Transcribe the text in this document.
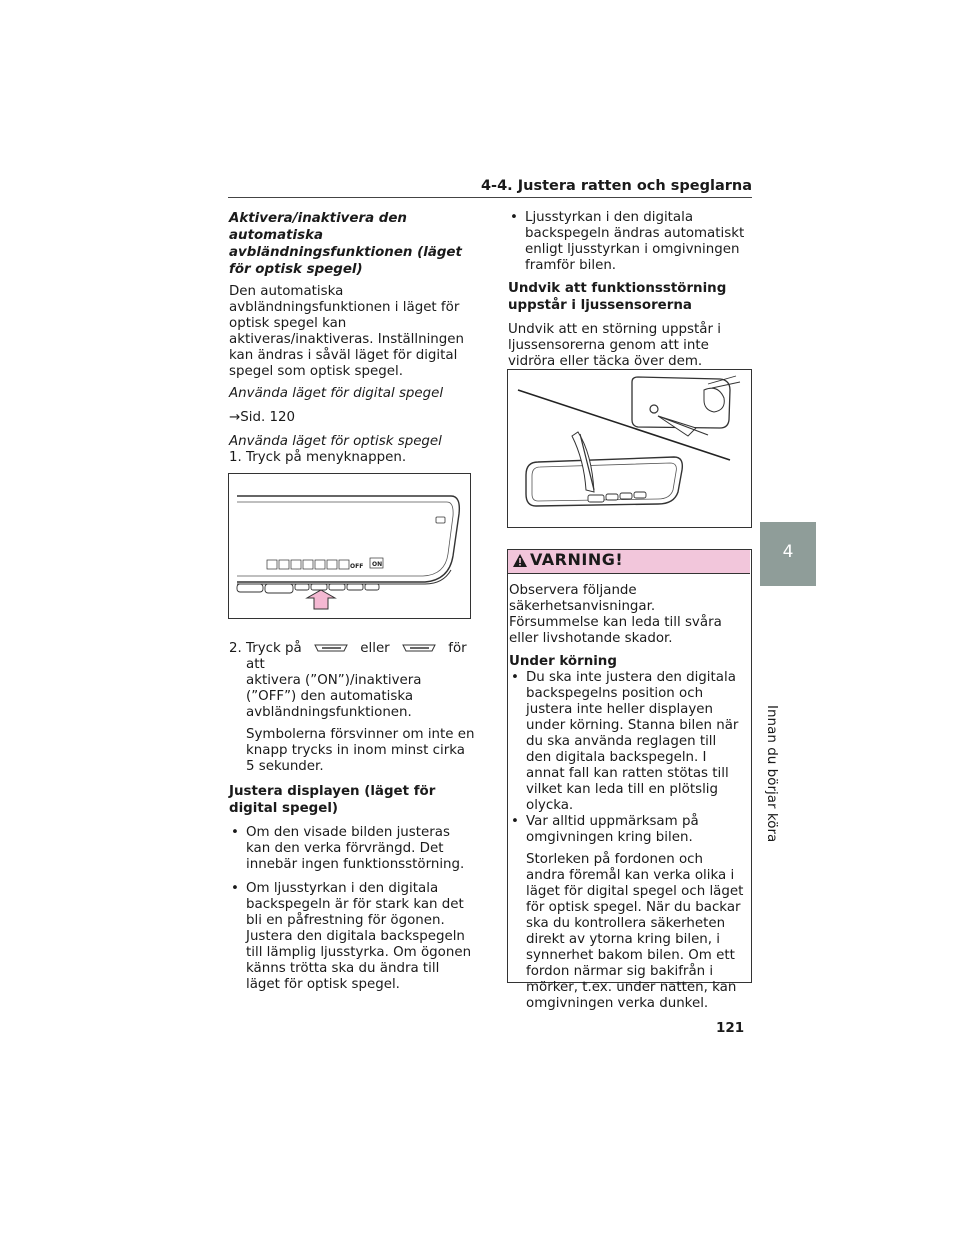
4-4. Justera ratten och speglarna
4
Innan du börjar köra

Aktivera/inaktivera den automatiska avbländningsfunktionen (läget för optisk spegel)

Den automatiska avbländningsfunktionen i läget för optisk spegel kan aktiveras/inaktiveras. Inställningen kan ändras i såväl läget för digital spegel som optisk spegel.

Använda läget för digital spegel

→Sid. 120

Använda läget för optisk spegel

1. Tryck på menyknappen.

OFF ON
2. Tryck på	eller	för att

aktivera (”ON”)/inaktivera (”OFF”) den automatiska avbländningsfunktionen.

Symbolerna försvinner om inte en knapp trycks in inom minst cirka 5 sekunder.

Justera displayen (läget för digital spegel)

• Om den visade bilden justeras kan den verka förvrängd. Det innebär ingen funktionsstörning.

• Om ljusstyrkan i den digitala backspegeln är för stark kan det bli en påfrestning för ögonen. Justera den digitala backspegeln till lämplig ljusstyrka. Om ögonen känns trötta ska du ändra till läget för optisk spegel.

• Ljusstyrkan i den digitala backspegeln ändras automatiskt enligt ljusstyrkan i omgivningen framför bilen.

Undvik att funktionsstörning uppstår i ljussensorerna

Undvik att en störning uppstår i ljussensorerna genom att inte vidröra eller täcka över dem.

VARNING!

Observera följande säkerhetsanvisningar. Försummelse kan leda till svåra eller livshotande skador.

Under körning

• Du ska inte justera den digitala backspegelns position och justera inte heller displayen under körning. Stanna bilen när du ska använda reglagen till den digitala backspegeln. I annat fall kan ratten stötas till vilket kan leda till en plötslig olycka.

• Var alltid uppmärksam på omgivningen kring bilen.

Storleken på fordonen och andra föremål kan verka olika i läget för digital spegel och läget för optisk spegel. När du backar ska du kontrollera säkerheten direkt av ytorna kring bilen, i synnerhet bakom bilen. Om ett fordon närmar sig bakifrån i mörker, t.ex. under natten, kan omgivningen verka dunkel.

121
